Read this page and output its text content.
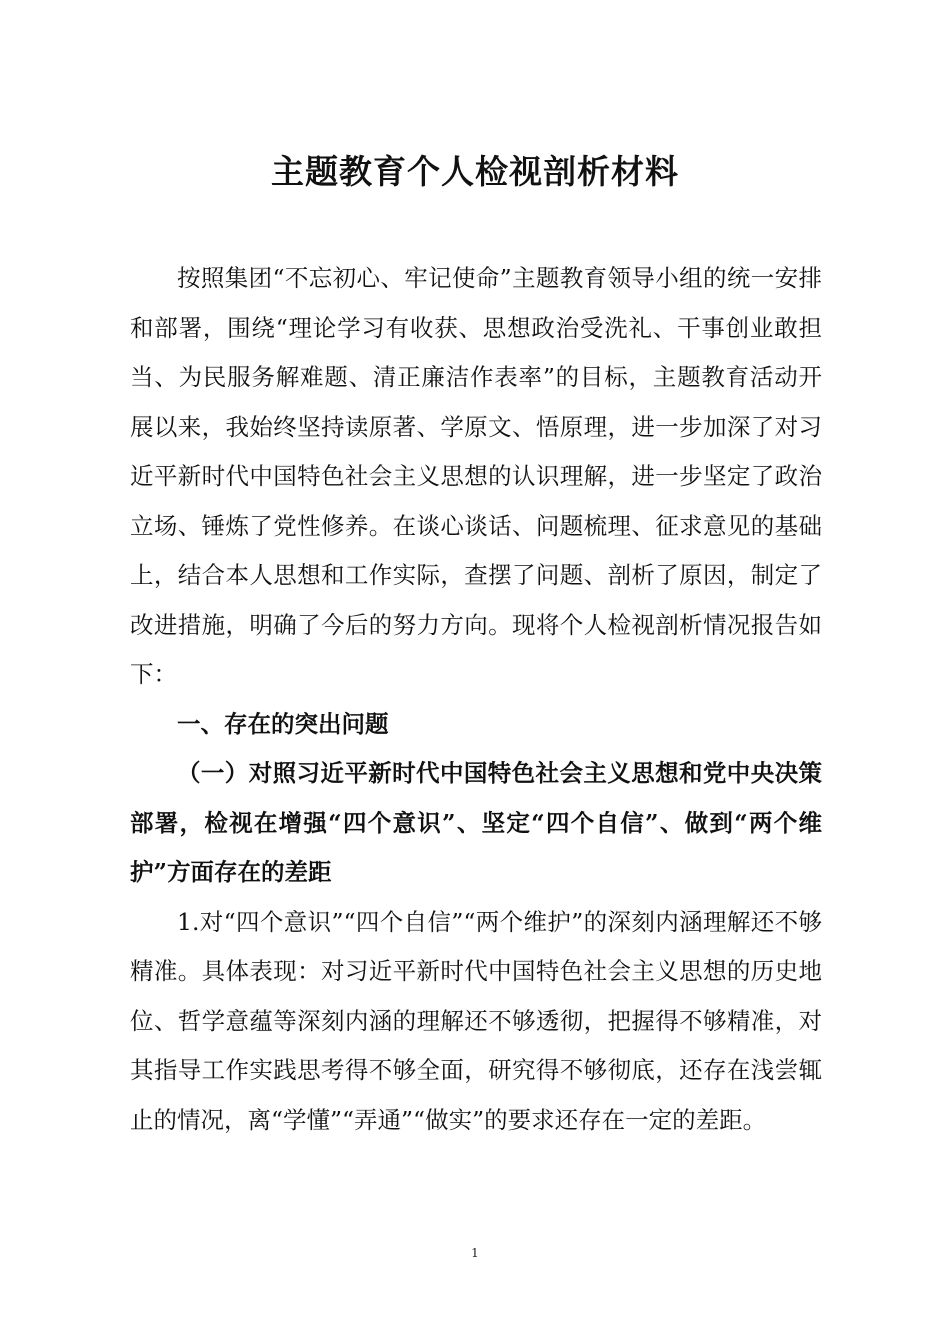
主题教育个人检视剖析材料

按照集团“不忘初心、牢记使命”主题教育领导小组的统一安排和部署，围绕“理论学习有收获、思想政治受洗礼、干事创业敢担当、为民服务解难题、清正廉洁作表率”的目标，主题教育活动开展以来，我始终坚持读原著、学原文、悟原理，进一步加深了对习近平新时代中国特色社会主义思想的认识理解，进一步坚定了政治立场、锤炼了党性修养。在谈心谈话、问题梳理、征求意见的基础上，结合本人思想和工作实际，查摆了问题、剖析了原因，制定了改进措施，明确了今后的努力方向。现将个人检视剖析情况报告如下：

一、存在的突出问题

（一）对照习近平新时代中国特色社会主义思想和党中央决策部署，检视在增强“四个意识”、坚定“四个自信”、做到“两个维护”方面存在的差距

1.对“四个意识”“四个自信”“两个维护”的深刻内涵理解还不够精准。具体表现：对习近平新时代中国特色社会主义思想的历史地位、哲学意蕴等深刻内涵的理解还不够透彻，把握得不够精准，对其指导工作实践思考得不够全面，研究得不够彻底，还存在浅尝辄止的情况，离“学懂”“弄通”“做实”的要求还存在一定的差距。

1
